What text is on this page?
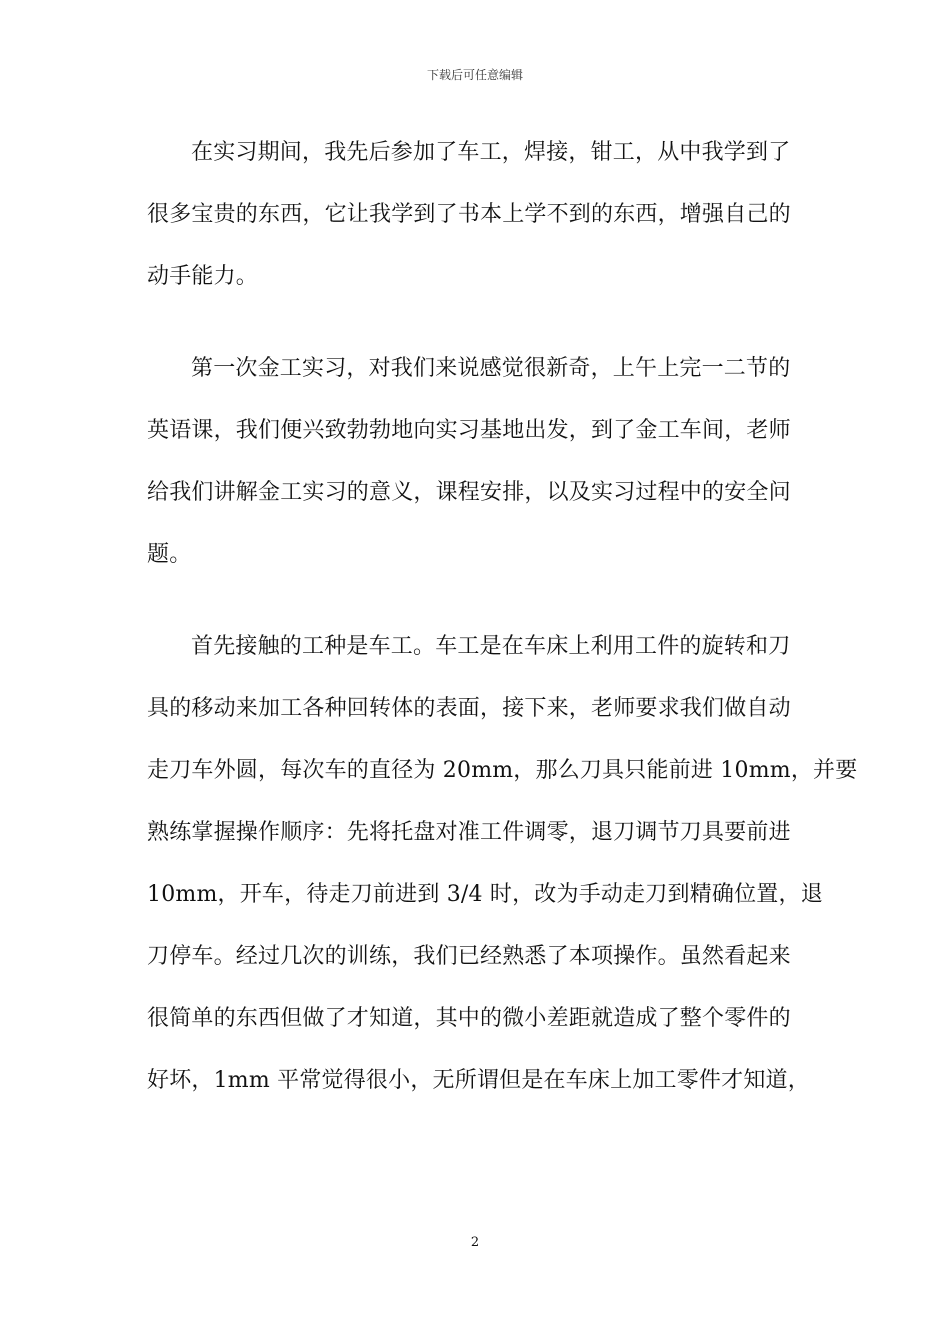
下载后可任意编辑
在实习期间，我先后参加了车工，焊接，钳工，从中我学到了
很多宝贵的东西，它让我学到了书本上学不到的东西，增强自己的
动手能力。
第一次金工实习，对我们来说感觉很新奇，上午上完一二节的
英语课，我们便兴致勃勃地向实习基地出发，到了金工车间，老师
给我们讲解金工实习的意义，课程安排，以及实习过程中的安全问
题。
首先接触的工种是车工。车工是在车床上利用工件的旋转和刀
具的移动来加工各种回转体的表面，接下来，老师要求我们做自动
走刀车外圆，每次车的直径为 20mm，那么刀具只能前进 10mm，并要
熟练掌握操作顺序：先将托盘对准工件调零，退刀调节刀具要前进
10mm，开车，待走刀前进到 3/4 时，改为手动走刀到精确位置，退
刀停车。经过几次的训练，我们已经熟悉了本项操作。虽然看起来
很简单的东西但做了才知道，其中的微小差距就造成了整个零件的
好坏，1mm 平常觉得很小，无所谓但是在车床上加工零件才知道，
2
